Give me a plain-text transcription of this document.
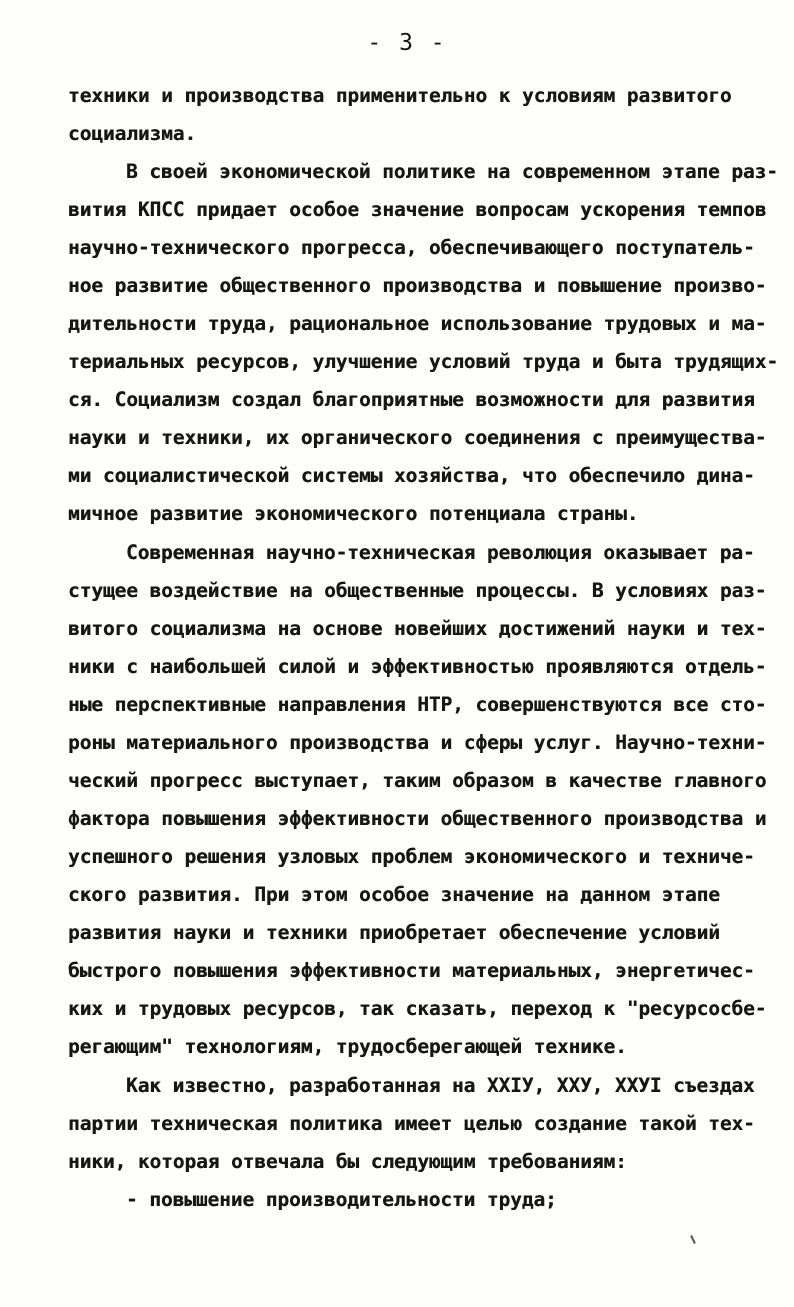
- 3 -
техники и производства применительно к условиям развитого
социализма.
В своей экономической политике на современном этапе раз-
вития КПСС придает особое значение вопросам ускорения темпов
научно-технического прогресса, обеспечивающего поступатель-
ное развитие общественного производства и повышение произво-
дительности труда, рациональное использование трудовых и ма-
териальных ресурсов, улучшение условий труда и быта трудящих-
ся. Социализм создал благоприятные возможности для развития
науки и техники, их органического соединения с преимущества-
ми социалистической системы хозяйства, что обеспечило дина-
мичное развитие экономического потенциала страны.
Современная научно-техническая революция оказывает ра-
стущее воздействие на общественные процессы. В условиях раз-
витого социализма на основе новейших достижений науки и тех-
ники с наибольшей силой и эффективностью проявляются отдель-
ные перспективные направления НТР, совершенствуются все сто-
роны материального производства и сферы услуг. Научно-техни-
ческий прогресс выступает, таким образом в качестве главного
фактора повышения эффективности общественного производства и
успешного решения узловых проблем экономического и техниче-
ского развития. При этом особое значение на данном этапе
развития науки и техники приобретает обеспечение условий
быстрого повышения эффективности материальных, энергетичес-
ких и трудовых ресурсов, так сказать, переход к "ресурсосбе-
регающим" технологиям, трудосберегающей технике.
Как известно, разработанная на ХХIУ, ХХУ, ХХУI съездах
партии техническая политика имеет целью создание такой тех-
ники, которая отвечала бы следующим требованиям:
- повышение производительности труда;
